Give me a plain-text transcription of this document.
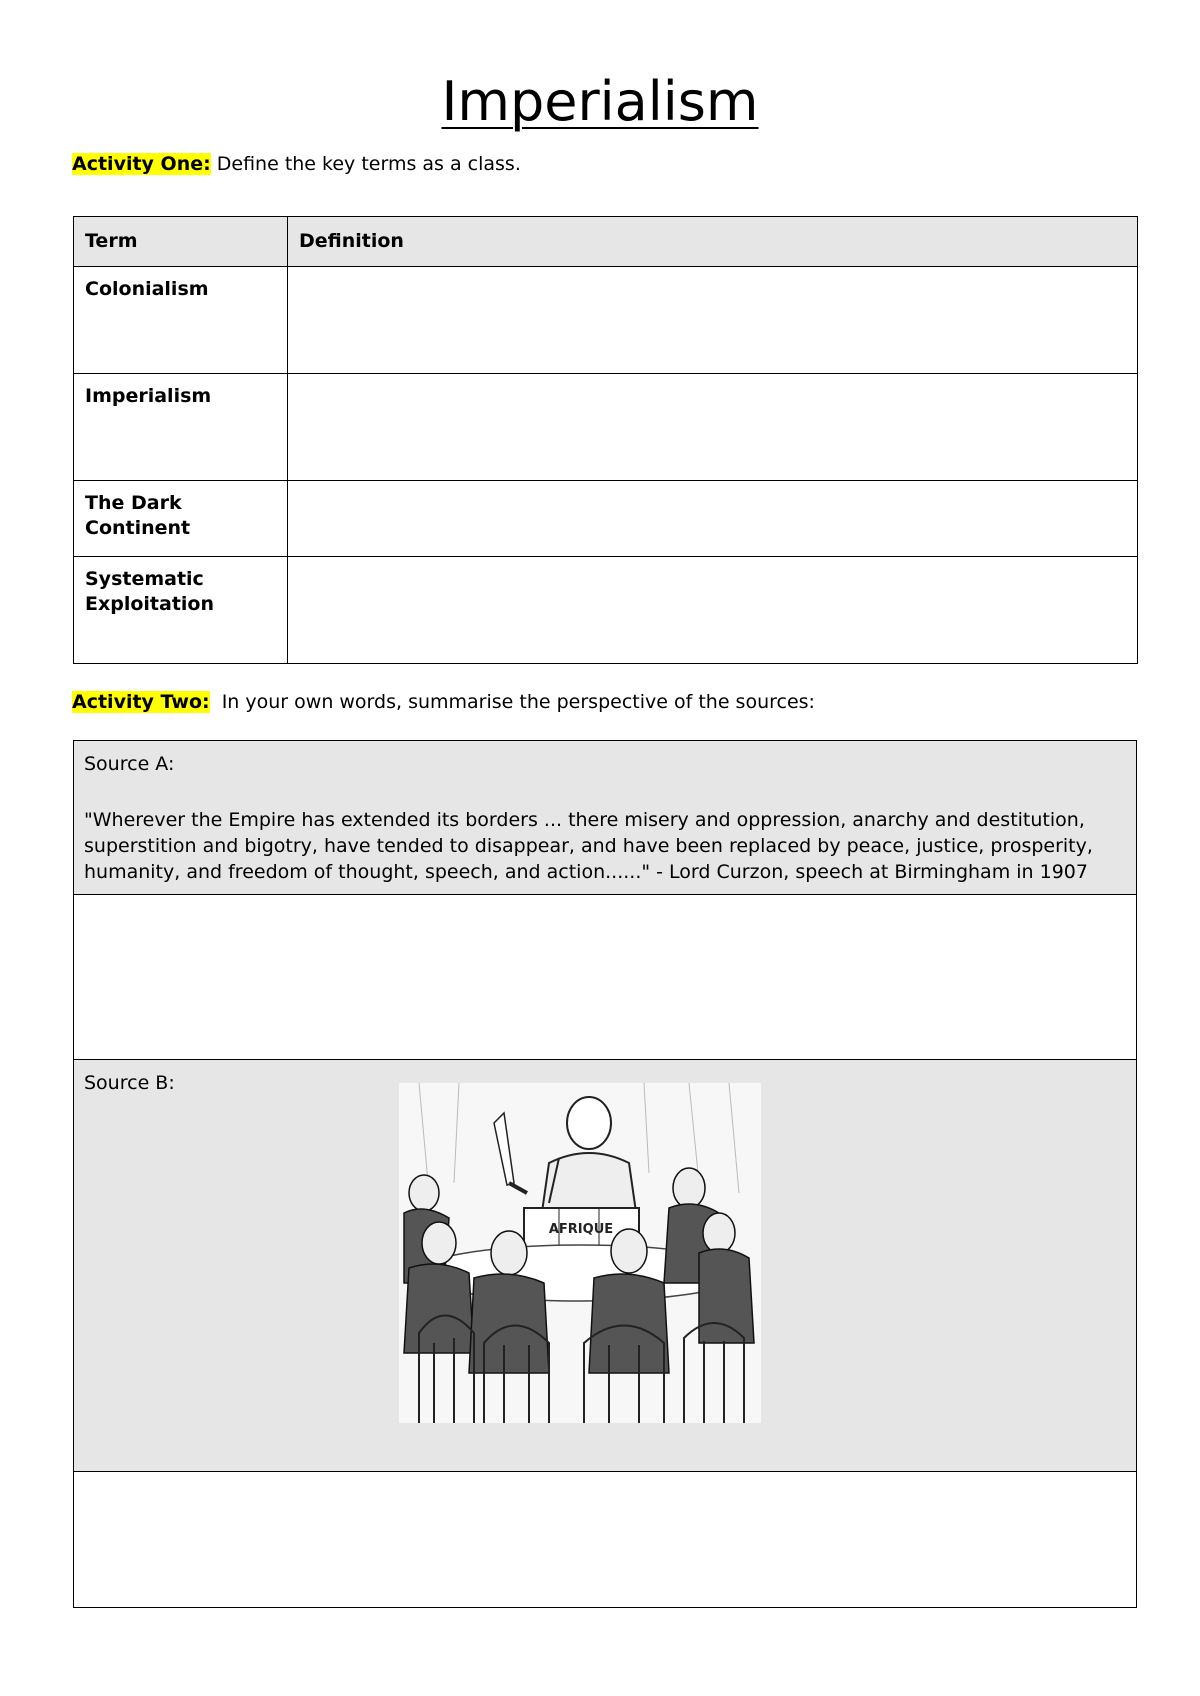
Imperialism
Activity One: Define the key terms as a class.
Term	Definition
Colonialism	
Imperialism	
The Dark Continent	
Systematic Exploitation	
Activity Two:  In your own words, summarise the perspective of the sources:
Source A:
"Wherever the Empire has extended its borders ... there misery and oppression, anarchy and destitution, superstition and bigotry, have tended to disappear, and have been replaced by peace, justice, prosperity, humanity, and freedom of thought, speech, and action......" - Lord Curzon, speech at Birmingham in 1907
Source B:
AFRIQUE
